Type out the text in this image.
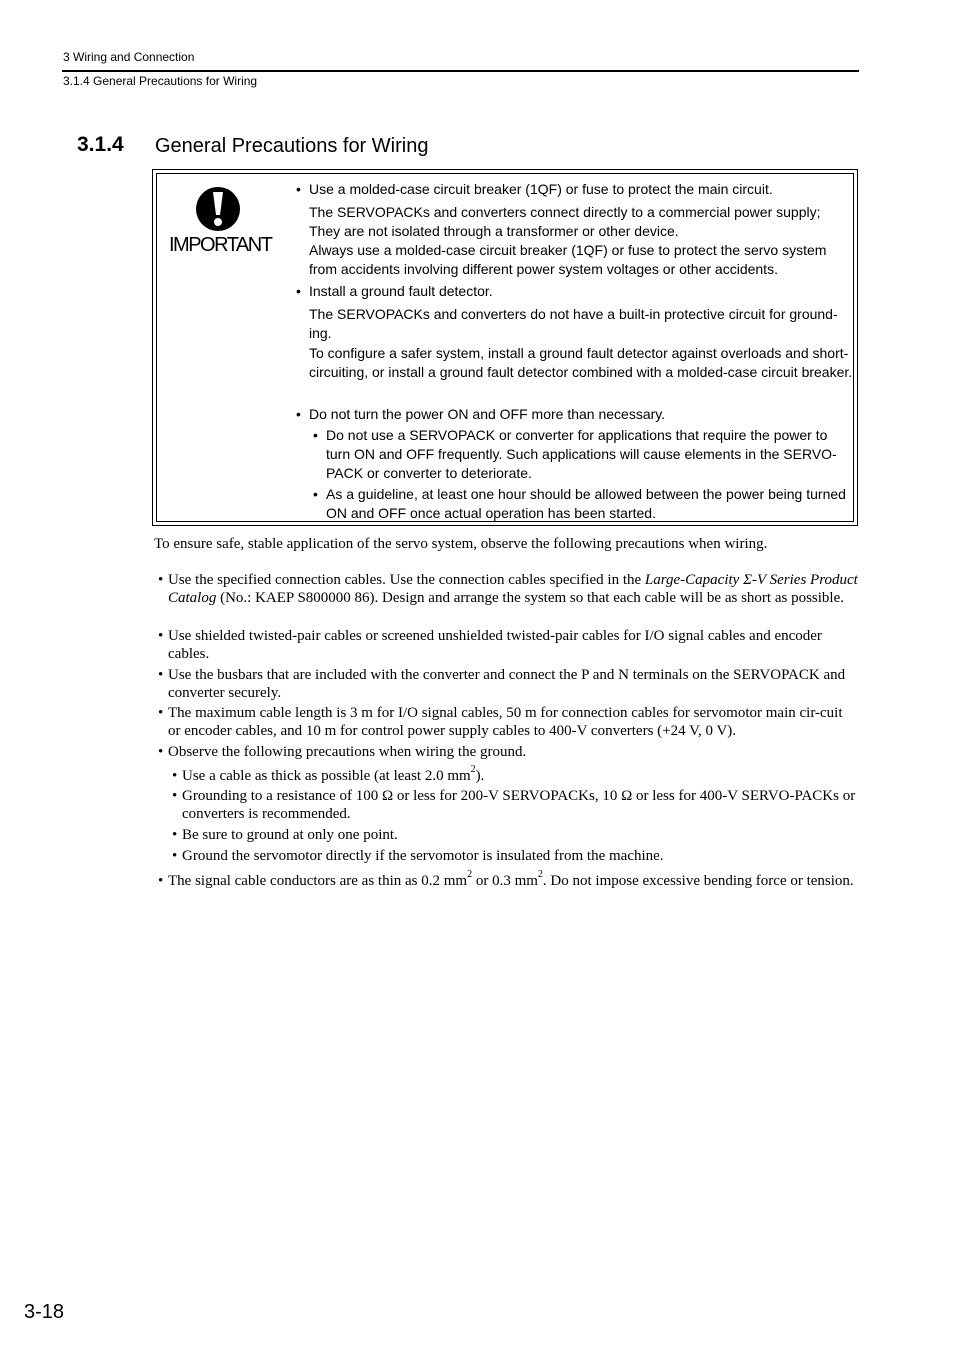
3 Wiring and Connection
3.1.4 General Precautions for Wiring
3.1.4 General Precautions for Wiring
IMPORTANT
• Use a molded-case circuit breaker (1QF) or fuse to protect the main circuit.
The SERVOPACKs and converters connect directly to a commercial power supply; They are not isolated through a transformer or other device.
Always use a molded-case circuit breaker (1QF) or fuse to protect the servo system from accidents involving different power system voltages or other accidents.
• Install a ground fault detector.
The SERVOPACKs and converters do not have a built-in protective circuit for ground-ing.
To configure a safer system, install a ground fault detector against overloads and short-circuiting, or install a ground fault detector combined with a molded-case circuit breaker.
• Do not turn the power ON and OFF more than necessary.
• Do not use a SERVOPACK or converter for applications that require the power to turn ON and OFF frequently. Such applications will cause elements in the SERVO-PACK or converter to deteriorate.
• As a guideline, at least one hour should be allowed between the power being turned ON and OFF once actual operation has been started.
To ensure safe, stable application of the servo system, observe the following precautions when wiring.
• Use the specified connection cables. Use the connection cables specified in the Large-Capacity Σ-V Series Product Catalog (No.: KAEP S800000 86). Design and arrange the system so that each cable will be as short as possible.
• Use shielded twisted-pair cables or screened unshielded twisted-pair cables for I/O signal cables and encoder cables.
• Use the busbars that are included with the converter and connect the P and N terminals on the SERVOPACK and converter securely.
• The maximum cable length is 3 m for I/O signal cables, 50 m for connection cables for servomotor main cir-cuit or encoder cables, and 10 m for control power supply cables to 400-V converters (+24 V, 0 V).
• Observe the following precautions when wiring the ground.
• Use a cable as thick as possible (at least 2.0 $mm^2$).
• Grounding to a resistance of 100 Ω or less for 200-V SERVOPACKs, 10 Ω or less for 400-V SERVO-PACKs or converters is recommended.
• Be sure to ground at only one point.
• Ground the servomotor directly if the servomotor is insulated from the machine.
• The signal cable conductors are as thin as 0.2 $mm^2$ or 0.3 $mm^2$. Do not impose excessive bending force or tension.
3-18
